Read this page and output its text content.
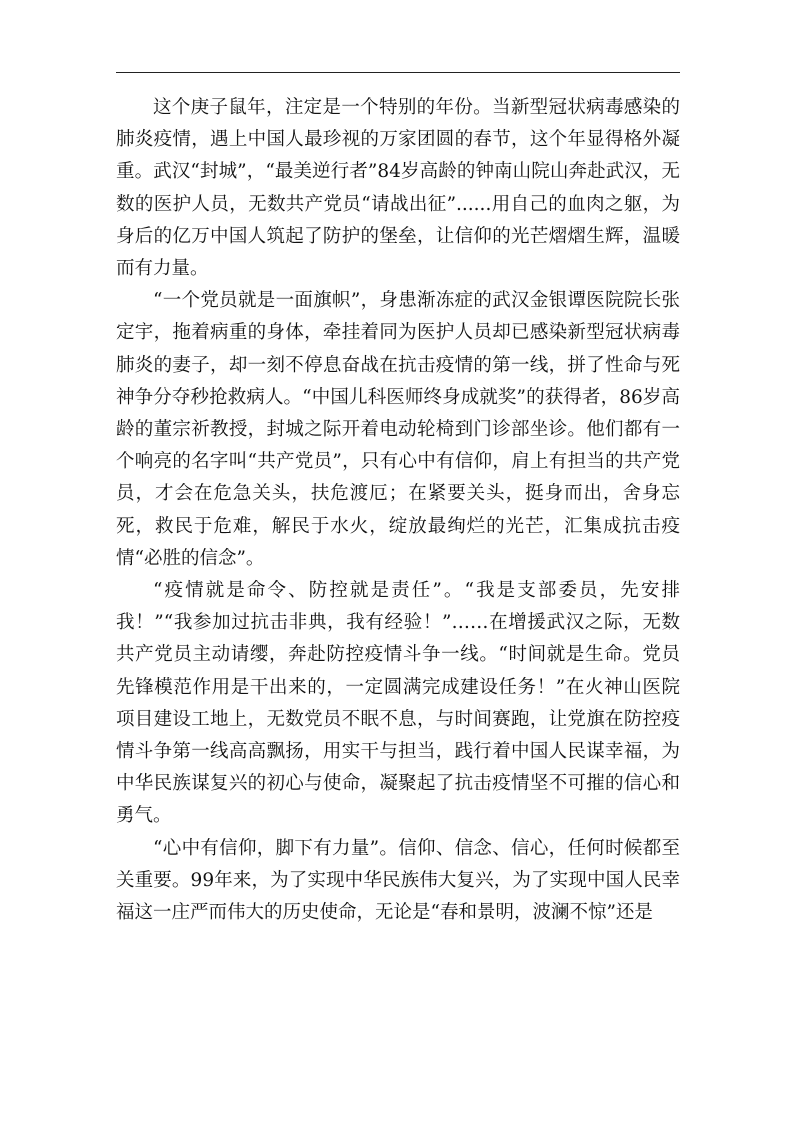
这个庚子鼠年，注定是一个特别的年份。当新型冠状病毒感染的肺炎疫情，遇上中国人最珍视的万家团圆的春节，这个年显得格外凝重。武汉“封城”，“最美逆行者”84岁高龄的钟南山院山奔赴武汉，无数的医护人员，无数共产党员“请战出征”......用自己的血肉之躯，为身后的亿万中国人筑起了防护的堡垒，让信仰的光芒熠熠生辉，温暖而有力量。

“一个党员就是一面旗帜”，身患渐冻症的武汉金银谭医院院长张定宇，拖着病重的身体，牵挂着同为医护人员却已感染新型冠状病毒肺炎的妻子，却一刻不停息奋战在抗击疫情的第一线，拼了性命与死神争分夺秒抢救病人。“中国儿科医师终身成就奖”的获得者，86岁高龄的董宗祈教授，封城之际开着电动轮椅到门诊部坐诊。他们都有一个响亮的名字叫“共产党员”，只有心中有信仰，肩上有担当的共产党员，才会在危急关头，扶危渡厄；在紧要关头，挺身而出，舍身忘死，救民于危难，解民于水火，绽放最绚烂的光芒，汇集成抗击疫情“必胜的信念”。

“疫情就是命令、防控就是责任”。“我是支部委员，先安排我！”“我参加过抗击非典，我有经验！”……在增援武汉之际，无数共产党员主动请缨，奔赴防控疫情斗争一线。“时间就是生命。党员先锋模范作用是干出来的，一定圆满完成建设任务！”在火神山医院项目建设工地上，无数党员不眠不息，与时间赛跑，让党旗在防控疫情斗争第一线高高飘扬，用实干与担当，践行着中国人民谋幸福，为中华民族谋复兴的初心与使命，凝聚起了抗击疫情坚不可摧的信心和勇气。

“心中有信仰，脚下有力量”。信仰、信念、信心，任何时候都至关重要。99年来，为了实现中华民族伟大复兴，为了实现中国人民幸福这一庄严而伟大的历史使命，无论是“春和景明，波澜不惊”还是
